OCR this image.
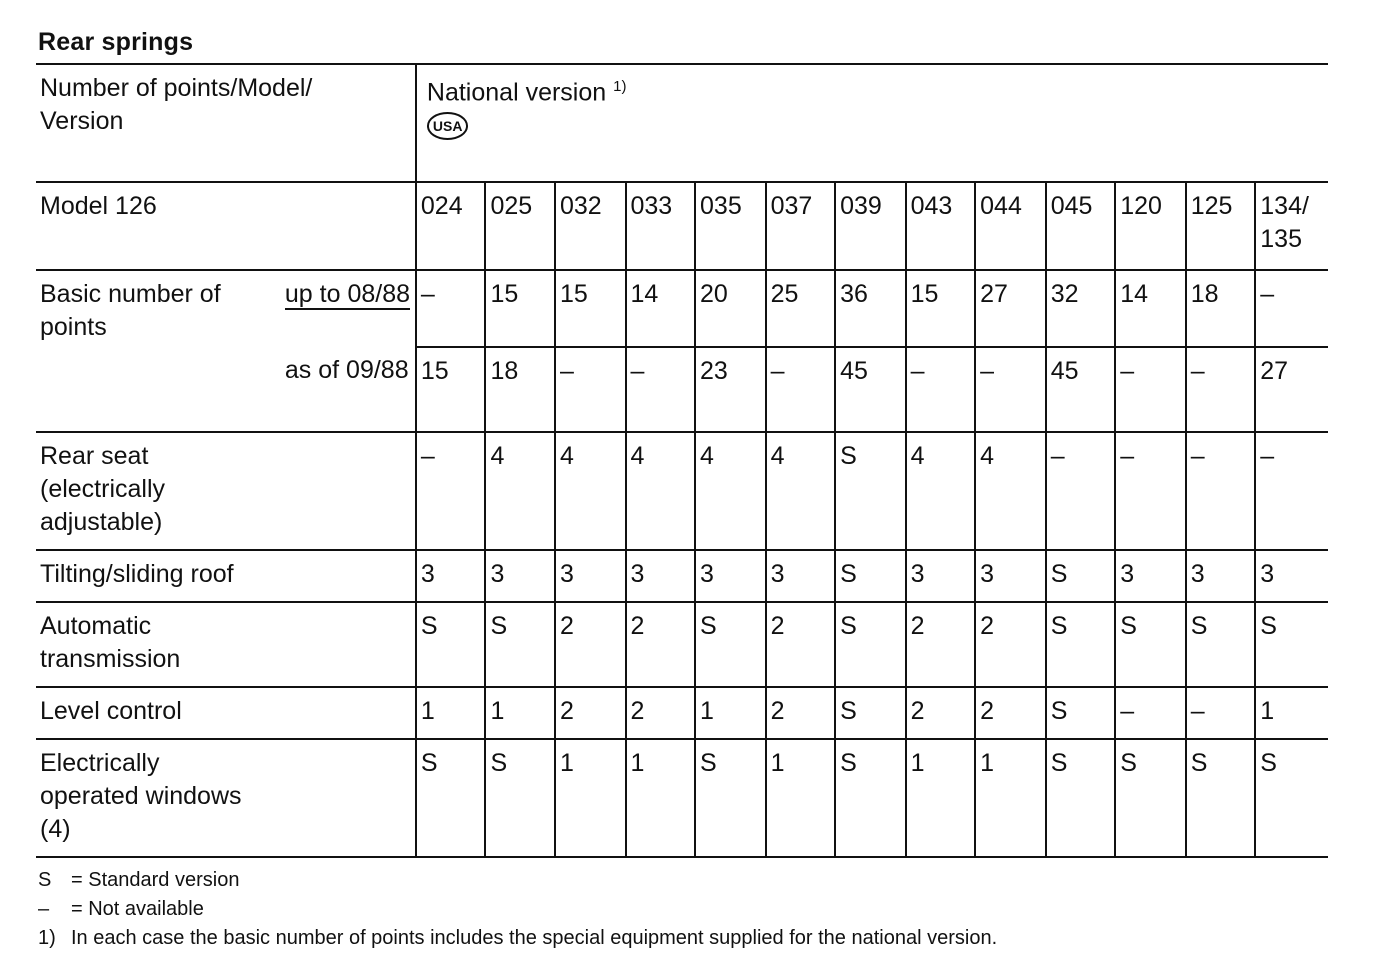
Rear springs
Number of points/Model/ Version		National version $^{1)}$
USA												
Model 126		024	025	032	033	035	037	039	043	044	045	120	125	134/ 135
Basic number of points	up to 08/88	–	15	15	14	20	25	36	15	27	32	14	18	–
	as of 09/88	15	18	–	–	23	–	45	–	–	45	–	–	27
Rear seat (electrically adjustable)		–	4	4	4	4	4	S	4	4	–	–	–	–
Tilting/sliding roof		3	3	3	3	3	3	S	3	3	S	3	3	3
Automatic transmission		S	S	2	2	S	2	S	2	2	S	S	S	S
Level control		1	1	2	2	1	2	S	2	2	S	–	–	1
Electrically operated windows (4)		S	S	1	1	S	1	S	1	1	S	S	S	S
S = Standard version
– = Not available
1) In each case the basic number of points includes the special equipment supplied for the national version.
